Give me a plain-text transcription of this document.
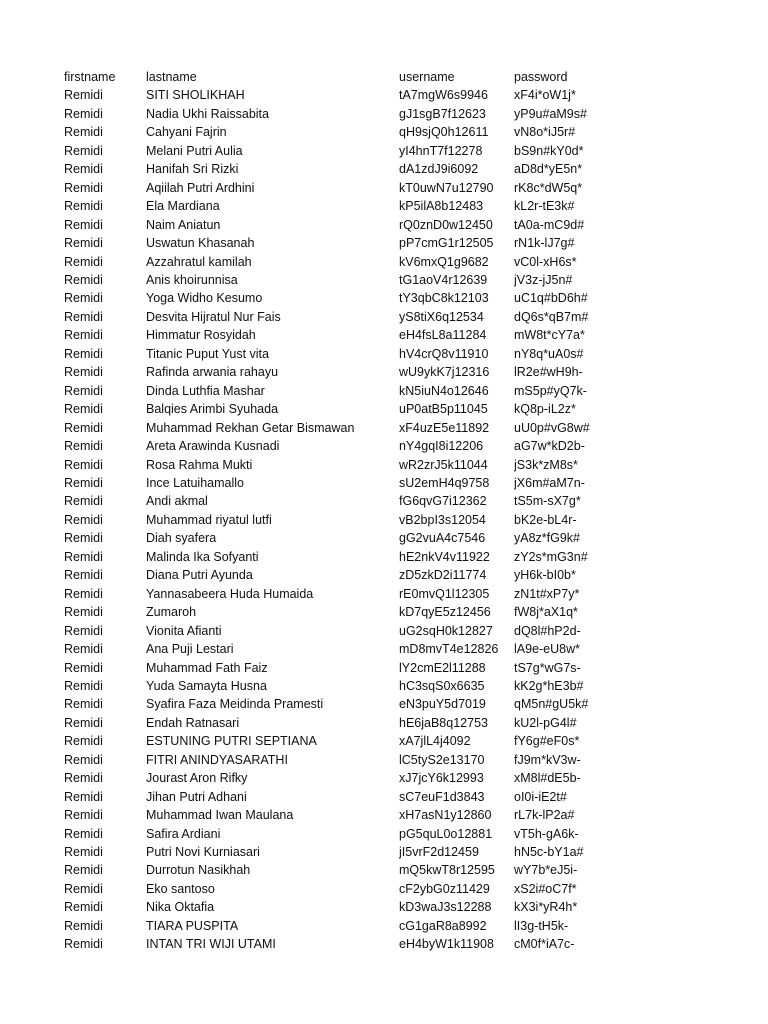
firstname	lastname	username	password
Remidi	SITI SHOLIKHAH	tA7mgW6s9946	xF4i*oW1j*
Remidi	Nadia Ukhi Raissabita	gJ1sgB7f12623	yP9u#aM9s#
Remidi	Cahyani Fajrin	qH9sjQ0h12611	vN8o*iJ5r#
Remidi	Melani Putri Aulia	yI4hnT7f12278	bS9n#kY0d*
Remidi	Hanifah Sri Rizki	dA1zdJ9i6092	aD8d*yE5n*
Remidi	Aqiilah Putri Ardhini	kT0uwN7u12790	rK8c*dW5q*
Remidi	Ela Mardiana	kP5ilA8b12483	kL2r-tE3k#
Remidi	Naim Aniatun	rQ0znD0w12450	tA0a-mC9d#
Remidi	Uswatun Khasanah	pP7cmG1r12505	rN1k-lJ7g#
Remidi	Azzahratul kamilah	kV6mxQ1g9682	vC0l-xH6s*
Remidi	Anis khoirunnisa	tG1aoV4r12639	jV3z-jJ5n#
Remidi	Yoga Widho Kesumo	tY3qbC8k12103	uC1q#bD6h#
Remidi	Desvita Hijratul Nur Fais	yS8tiX6q12534	dQ6s*qB7m#
Remidi	Himmatur Rosyidah	eH4fsL8a11284	mW8t*cY7a*
Remidi	Titanic Puput Yust vita	hV4crQ8v11910	nY8q*uA0s#
Remidi	Rafinda arwania rahayu	wU9ykK7j12316	lR2e#wH9h-
Remidi	Dinda Luthfia Mashar	kN5iuN4o12646	mS5p#yQ7k-
Remidi	Balqies Arimbi Syuhada	uP0atB5p11045	kQ8p-iL2z*
Remidi	Muhammad Rekhan Getar Bismawan	xF4uzE5e11892	uU0p#vG8w#
Remidi	Areta Arawinda Kusnadi	nY4gqI8i12206	aG7w*kD2b-
Remidi	Rosa Rahma Mukti	wR2zrJ5k11044	jS3k*zM8s*
Remidi	Ince Latuihamallo	sU2emH4q9758	jX6m#aM7n-
Remidi	Andi akmal	fG6qvG7i12362	tS5m-sX7g*
Remidi	Muhammad riyatul lutfi	vB2bpI3s12054	bK2e-bL4r-
Remidi	Diah syafera	gG2vuA4c7546	yA8z*fG9k#
Remidi	Malinda Ika Sofyanti	hE2nkV4v11922	zY2s*mG3n#
Remidi	Diana Putri Ayunda	zD5zkD2i11774	yH6k-bI0b*
Remidi	Yannasabeera Huda Humaida	rE0mvQ1l12305	zN1t#xP7y*
Remidi	Zumaroh	kD7qyE5z12456	fW8j*aX1q*
Remidi	Vionita Afianti	uG2sqH0k12827	dQ8l#hP2d-
Remidi	Ana Puji Lestari	mD8mvT4e12826	lA9e-eU8w*
Remidi	Muhammad Fath Faiz	lY2cmE2l11288	tS7g*wG7s-
Remidi	Yuda Samayta Husna	hC3sqS0x6635	kK2g*hE3b#
Remidi	Syafira Faza Meidinda Pramesti	eN3puY5d7019	qM5n#gU5k#
Remidi	Endah Ratnasari	hE6jaB8q12753	kU2l-pG4l#
Remidi	ESTUNING PUTRI SEPTIANA	xA7jlL4j4092	fY6g#eF0s*
Remidi	FITRI ANINDYASARATHI	lC5tyS2e13170	fJ9m*kV3w-
Remidi	Jourast Aron Rifky	xJ7jcY6k12993	xM8l#dE5b-
Remidi	Jihan Putri Adhani	sC7euF1d3843	oI0i-iE2t#
Remidi	Muhammad Iwan Maulana	xH7asN1y12860	rL7k-lP2a#
Remidi	Safira Ardiani	pG5quL0o12881	vT5h-gA6k-
Remidi	Putri Novi Kurniasari	jI5vrF2d12459	hN5c-bY1a#
Remidi	Durrotun Nasikhah	mQ5kwT8r12595	wY7b*eJ5i-
Remidi	Eko santoso	cF2ybG0z11429	xS2i#oC7f*
Remidi	Nika Oktafia	kD3waJ3s12288	kX3i*yR4h*
Remidi	TIARA PUSPITA	cG1gaR8a8992	lI3g-tH5k-
Remidi	INTAN TRI WIJI UTAMI	eH4byW1k11908	cM0f*iA7c-
